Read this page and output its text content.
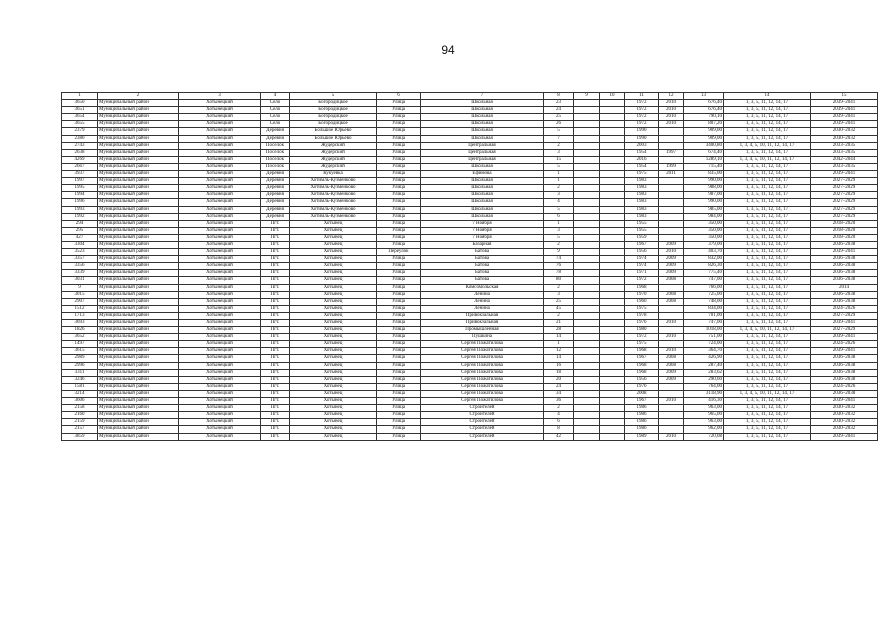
94
1	2	3	4	5	6	7	8	9	10	11	12	13	14	15
3650	Муниципальный район	Хотынецкий	Село	Богородицкое	Улица	Школьная	23			1972	2010	676,40	1, 3, 5, 11, 12, 14, 17	2039–2041
3651	Муниципальный район	Хотынецкий	Село	Богородицкое	Улица	Школьная	24			1972	2010	676,40	1, 3, 5, 11, 12, 14, 17	2039–2041
3654	Муниципальный район	Хотынецкий	Село	Богородицкое	Улица	Школьная	25			1972	2010	790,10	1, 3, 5, 11, 12, 14, 17	2039–2041
3655	Муниципальный район	Хотынецкий	Село	Богородицкое	Улица	Школьная	26			1972	2010	807,20	1, 3, 5, 11, 12, 14, 17	2039–2041
2379	Муниципальный район	Хотынецкий	Деревня	Большое Юрьево	Улица	Школьная	5			1990		909,00	1, 3, 5, 11, 12, 14, 17	2030–2032
2380	Муниципальный район	Хотынецкий	Деревня	Большое Юрьево	Улица	Школьная	7			1990		909,00	1, 3, 5, 11, 12, 14, 17	2030–2032
2743	Муниципальный район	Хотынецкий	Поселок	Жудерский	Улица	Центральная	2			2003		3400,80	1, 3, 4, 5, 10, 11, 12, 14, 17	2033–2035
2638	Муниципальный район	Хотынецкий	Поселок	Жудерский	Улица	Центральная	3			1954	1997	674,40	1, 3, 5, 11, 12, 14, 17	2033–2035
4269	Муниципальный район	Хотынецкий	Поселок	Жудерский	Улица	Центральная	15			2016		1289,10	1, 3, 4, 5, 10, 11, 12, 14, 17	2042–2044
2667	Муниципальный район	Хотынецкий	Поселок	Жудерский	Улица	Школьная	5			1954	1999	715,40	1, 3, 5, 11, 12, 14, 17	2033–2035
3937	Муниципальный район	Хотынецкий	Деревня	Кукуевка	Улица	Ефимова	1			1975	2011	835,00	1, 3, 5, 11, 12, 14, 17	2039–2041
1997	Муниципальный район	Хотынецкий	Деревня	Хотимль-Кузменково	Улица	Школьная	1			1983		990,00	1, 3, 5, 11, 12, 14, 17	2027–2029
1995	Муниципальный район	Хотынецкий	Деревня	Хотимль-Кузменково	Улица	Школьная	2			1983		988,00	1, 3, 5, 11, 12, 14, 17	2027–2029
1994	Муниципальный район	Хотынецкий	Деревня	Хотимль-Кузменково	Улица	Школьная	3			1983		987,00	1, 3, 5, 11, 12, 14, 17	2027–2029
1996	Муниципальный район	Хотынецкий	Деревня	Хотимль-Кузменково	Улица	Школьная	4			1983		990,00	1, 3, 5, 11, 12, 14, 17	2027–2029
1993	Муниципальный район	Хотынецкий	Деревня	Хотимль-Кузменково	Улица	Школьная	5			1983		985,00	1, 3, 5, 11, 12, 14, 17	2027–2029
1992	Муниципальный район	Хотынецкий	Деревня	Хотимль-Кузменково	Улица	Школьная	6			1983		984,00	1, 3, 5, 11, 12, 14, 17	2027–2029
294	Муниципальный район	Хотынецкий	Пгт.	Хотынец	Улица	7 Ноября	1			1955		350,00	1, 3, 5, 11, 12, 14, 17	2018–2020
295	Муниципальный район	Хотынецкий	Пгт.	Хотынец	Улица	7 Ноября	3			1955		350,00	1, 3, 5, 11, 12, 14, 17	2018–2020
427	Муниципальный район	Хотынецкий	Пгт.	Хотынец	Улица	7 Ноября	5			1959		350,00	1, 3, 5, 11, 12, 14, 17	2018–2020
3304	Муниципальный район	Хотынецкий	Пгт.	Хотынец	Улица	Базарная	2			1967	2009	379,00	1, 3, 5, 11, 12, 14, 17	2036–2038
3523	Муниципальный район	Хотынецкий	Пгт.	Хотынец	Переулок	Батова	9			1956	2010	403,70	1, 3, 5, 11, 12, 14, 17	2039–2041
3357	Муниципальный район	Хотынецкий	Пгт.	Хотынец	Улица	Батова	74			1974	2009	832,00	1, 3, 5, 11, 12, 14, 17	2036–2038
3356	Муниципальный район	Хотынецкий	Пгт.	Хотынец	Улица	Батова	76			1974	2009	826,30	1, 3, 5, 11, 12, 14, 17	2036–2038
3339	Муниципальный район	Хотынецкий	Пгт.	Хотынец	Улица	Батова	78			1971	2009	775,40	1, 3, 5, 11, 12, 14, 17	2036–2038
3031	Муниципальный район	Хотынецкий	Пгт.	Хотынец	Улица	Батова	80			1972	2008	747,00	1, 3, 5, 11, 12, 14, 17	2036–2038
9	Муниципальный район	Хотынецкий	Пгт.	Хотынец	Улица	Комсомольская	2			1968		766,00	1, 3, 5, 11, 12, 14, 17	2014
3015	Муниципальный район	Хотынецкий	Пгт.	Хотынец	Улица	Ленина	3			1970	2008	725,00	1, 3, 5, 11, 12, 14, 17	2036–2038
2907	Муниципальный район	Хотынецкий	Пгт.	Хотынец	Улица	Ленина	25			1960	2008	748,00	1, 3, 5, 11, 12, 14, 17	2036–2038
1512	Муниципальный район	Хотынецкий	Пгт.	Хотынец	Улица	Ленина	45			1975		834,00	1, 3, 5, 11, 12, 14, 17	2024–2026
1713	Муниципальный район	Хотынецкий	Пгт.	Хотынец	Улица	Привокзальная	2			1978		701,00	1, 3, 5, 11, 12, 14, 17	2027–2029
3693	Муниципальный район	Хотынецкий	Пгт.	Хотынец	Улица	Привокзальная	21			1976	2010	747,00	1, 3, 5, 11, 12, 14, 17	2039–2041
1826	Муниципальный район	Хотынецкий	Пгт.	Хотынец	Улица	Промышленная	28			1980		1018,00	1, 3, 4, 5, 10, 11, 12, 14, 17	2027–2029
3652	Муниципальный район	Хотынецкий	Пгт.	Хотынец	Улица	Пушкина	14			1972	2010	751,00	1, 3, 5, 11, 12, 14, 17	2039–2041
1497	Муниципальный район	Хотынецкий	Пгт.	Хотынец	Улица	Сергея Пожатилова	1			1975		724,00	1, 3, 5, 11, 12, 14, 17	2024–2026
3615	Муниципальный район	Хотынецкий	Пгт.	Хотынец	Улица	Сергея Пожатилова	12			1968	2010	364,70	1, 3, 5, 11, 12, 14, 17	2039–2041
2989	Муниципальный район	Хотынецкий	Пгт.	Хотынец	Улица	Сергея Пожатилова	14			1967	2008	426,90	1, 3, 5, 11, 12, 14, 17	2036–2038
2996	Муниципальный район	Хотынецкий	Пгт.	Хотынец	Улица	Сергея Пожатилова	16			1968	2008	287,40	1, 3, 5, 11, 12, 14, 17	2036–2038
3311	Муниципальный район	Хотынецкий	Пгт.	Хотынец	Улица	Сергея Пожатилова	18			1968	2009	283,62	1, 3, 5, 11, 12, 14, 17	2036–2038
3246	Муниципальный район	Хотынецкий	Пгт.	Хотынец	Улица	Сергея Пожатилова	20			1956	2009	290,60	1, 3, 5, 11, 12, 14, 17	2036–2038
1581	Муниципальный район	Хотынецкий	Пгт.	Хотынец	Улица	Сергея Пожатилова	24			1976		764,00	1, 3, 5, 11, 12, 14, 17	2024–2026
3214	Муниципальный район	Хотынецкий	Пгт.	Хотынец	Улица	Сергея Пожатилова	34			2008		3118,90	1, 3, 4, 5, 10, 11, 12, 14, 17	2036–2038
3606	Муниципальный район	Хотынецкий	Пгт.	Хотынец	Улица	Сергея Пожатилова	36			1967	2010	416,30	1, 3, 5, 11, 12, 14, 17	2039–2041
2158	Муниципальный район	Хотынецкий	Пгт.	Хотынец	Улица	Строителей	2			1986		963,00	1, 3, 5, 11, 12, 14, 17	2030–2032
2160	Муниципальный район	Хотынецкий	Пгт.	Хотынец	Улица	Строителей	4			1986		965,00	1, 3, 5, 11, 12, 14, 17	2030–2032
2159	Муниципальный район	Хотынецкий	Пгт.	Хотынец	Улица	Строителей	6			1986		963,00	1, 3, 5, 11, 12, 14, 17	2030–2032
2157	Муниципальный район	Хотынецкий	Пгт.	Хотынец	Улица	Строителей	8			1986		962,00	1, 3, 5, 11, 12, 14, 17	2030–2032
3859	Муниципальный район	Хотынецкий	Пгт.	Хотынец	Улица	Строителей	42			1989	2010	720,08	1, 3, 5, 11, 12, 14, 17	2039–2041
